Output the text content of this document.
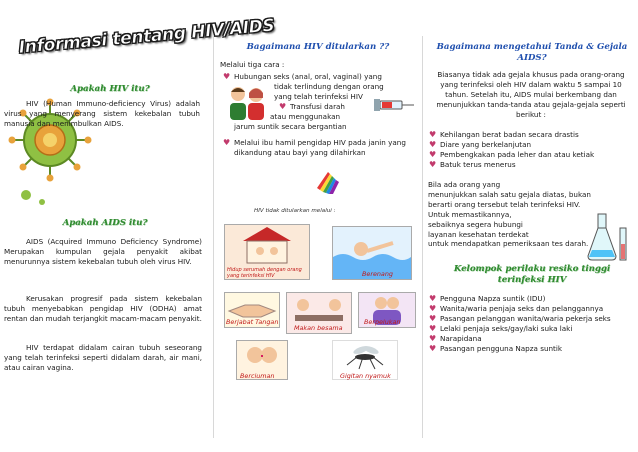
Informasi tentang HIV/AIDS
Apakah HIV itu?
HIV (Human Immuno-deficiency Virus) adalah virus yang menyerang sistem kekebalan tubuh manusia dan menimbulkan AIDS.
Apakah AIDS itu?
AIDS (Acquired Immuno Deficiency Syndrome) Merupakan kumpulan gejala penyakit akibat menurunnya sistem kekebalan tubuh oleh virus HIV.
Kerusakan progresif pada sistem kekebalan tubuh menyebabkan pengidap HIV (ODHA) amat rentan dan mudah terjangkit macam-macam penyakit.
HIV terdapat didalam cairan tubuh seseorang yang telah terinfeksi seperti didalam darah, air mani, atau cairan vagina.
Bagaimana HIV ditularkan ??
Melalui tiga cara :
♥ Hubungan seks (anal, oral, vaginal) yang
tidak terlindung dengan orang
yang telah terinfeksi HIV
♥ Transfusi darah
atau menggunakan
jarum suntik secara bergantian
♥ Melalui ibu hamil pengidap HIV pada janin yang dikandung atau bayi yang dilahirkan
HIV tidak ditularkan melalui :
Hidup serumah dengan orang
yang terinfeksi HIV	Berenang
Berjabat Tangan
Makan besama
Berpelukan
Berciuman	Gigitan nyamuk
Bagaimana mengetahui Tanda & Gejala AIDS?
Biasanya tidak ada gejala khusus pada orang-orang yang terinfeksi oleh HIV dalam waktu 5 sampai 10 tahun. Setelah itu, AIDS mulai berkembang dan menunjukkan tanda-tanda atau gejala-gejala seperti berikut :
♥ Kehilangan berat badan secara drastis
♥ Diare yang berkelanjutan
♥ Pembengkakan pada leher dan atau ketiak
♥ Batuk terus menerus
Bila ada orang yang
menunjukkan salah satu gejala diatas, bukan
berarti orang tersebut telah terinfeksi HIV.
Untuk memastikannya,
sebaiknya segera hubungi
layanan kesehatan terdekat
untuk mendapatkan pemeriksaan tes darah.
Kelompok perilaku resiko tinggi terinfeksi HIV
♥ Pengguna Napza suntik (IDU)
♥ Wanita/waria penjaja seks dan pelanggannya
♥ Pasangan pelanggan wanita/waria pekerja seks
♥ Lelaki penjaja seks/gay/laki suka laki
♥ Narapidana
♥ Pasangan pengguna Napza suntik
